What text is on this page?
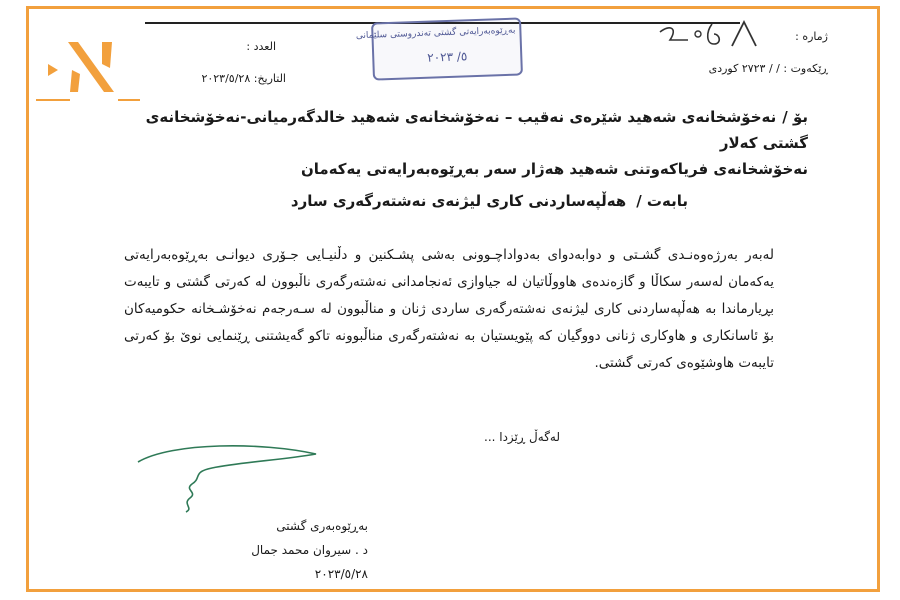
ژمارە :
ڕێکەوت : / / ٢٧٢٣ کوردی
العدد :
التاريخ: ٢٠٢٣/٥/٢٨
بەڕێوەبەرایەتی گشتی تەندروستی سلێمانی
٥/ ٢٠٢٣
بۆ /نەخۆشخانەی شەهید شێرەی نەقیب – نەخۆشخانەی شەهید خالدگەرمیانی-نەخۆشخانەی گشتی کەلار
نەخۆشخانەی فریاکەوتنی شەهید هەژار سەر بەڕێوەبەرایەتی یەکەمان
بابەت /هەڵپەساردنی کاری لیژنەی نەشتەرگەری سارد
لەبەر بەرژەوەنـدی گشـتی و دوابەدوای بەدواداچـوونی بەشی پشـکنین و دڵنیـایی جـۆری دیوانـی بەڕێوەبەرایەتی یەکەمان لەسەر سکاڵا و گازەندەی هاووڵاتیان لە جیاوازی ئەنجامدانی نەشتەرگەری ناڵبوون لە کەرتی گشتی و تایبەت بڕیارماندا بە هەڵپەساردنی کاری لیژنەی نەشتەرگەری ساردی ژنان و مناڵبوون لە سـەرجەم نەخۆشـخانە حکومیەکان بۆ ئاسانکاری و هاوکاری ژنانی دووگیان کە پێویستیان بە نەشتەرگەری مناڵبوونە تاکو گەیشتنی ڕێنمایی نوێ بۆ کەرتی تایبەت هاوشێوەی کەرتی گشتی.
لەگەڵ ڕێزدا ...
بەڕێوەبەری گشتی
د . سیروان محمد جمال
٢٠٢٣/٥/٢٨
